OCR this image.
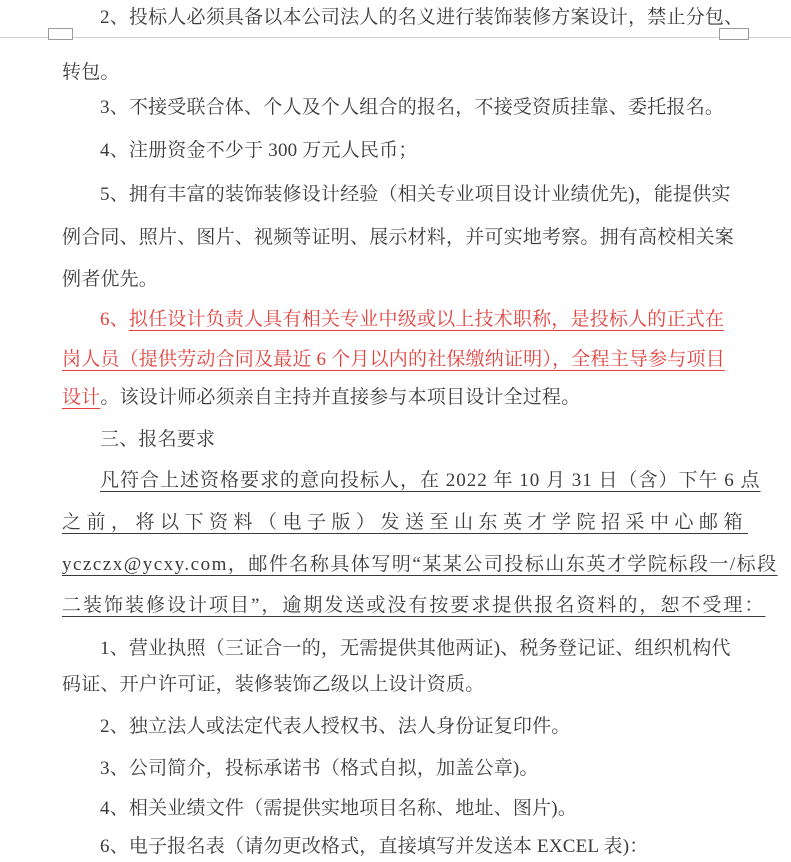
2、投标人必须具备以本公司法人的名义进行装饰装修方案设计，禁止分包、
转包。
3、不接受联合体、个人及个人组合的报名，不接受资质挂靠、委托报名。
4、注册资金不少于 300 万元人民币；
5、拥有丰富的装饰装修设计经验（相关专业项目设计业绩优先)，能提供实
例合同、照片、图片、视频等证明、展示材料，并可实地考察。拥有高校相关案
例者优先。
6、拟任设计负责人具有相关专业中级或以上技术职称，是投标人的正式在
岗人员（提供劳动合同及最近 6 个月以内的社保缴纳证明），全程主导参与项目
设计。该设计师必须亲自主持并直接参与本项目设计全过程。
三、报名要求
凡符合上述资格要求的意向投标人，在 2022 年 10 月 31 日（含）下午 6 点
之前，将以下资料（电子版）发送至山东英才学院招采中心邮箱
yczczx@ycxy.com，邮件名称具体写明“某某公司投标山东英才学院标段一/标段
二装饰装修设计项目”，逾期发送或没有按要求提供报名资料的，恕不受理：
1、营业执照（三证合一的，无需提供其他两证)、税务登记证、组织机构代
码证、开户许可证，装修装饰乙级以上设计资质。
2、独立法人或法定代表人授权书、法人身份证复印件。
3、公司简介，投标承诺书（格式自拟，加盖公章)。
4、相关业绩文件（需提供实地项目名称、地址、图片)。
6、电子报名表（请勿更改格式，直接填写并发送本 EXCEL 表)：
